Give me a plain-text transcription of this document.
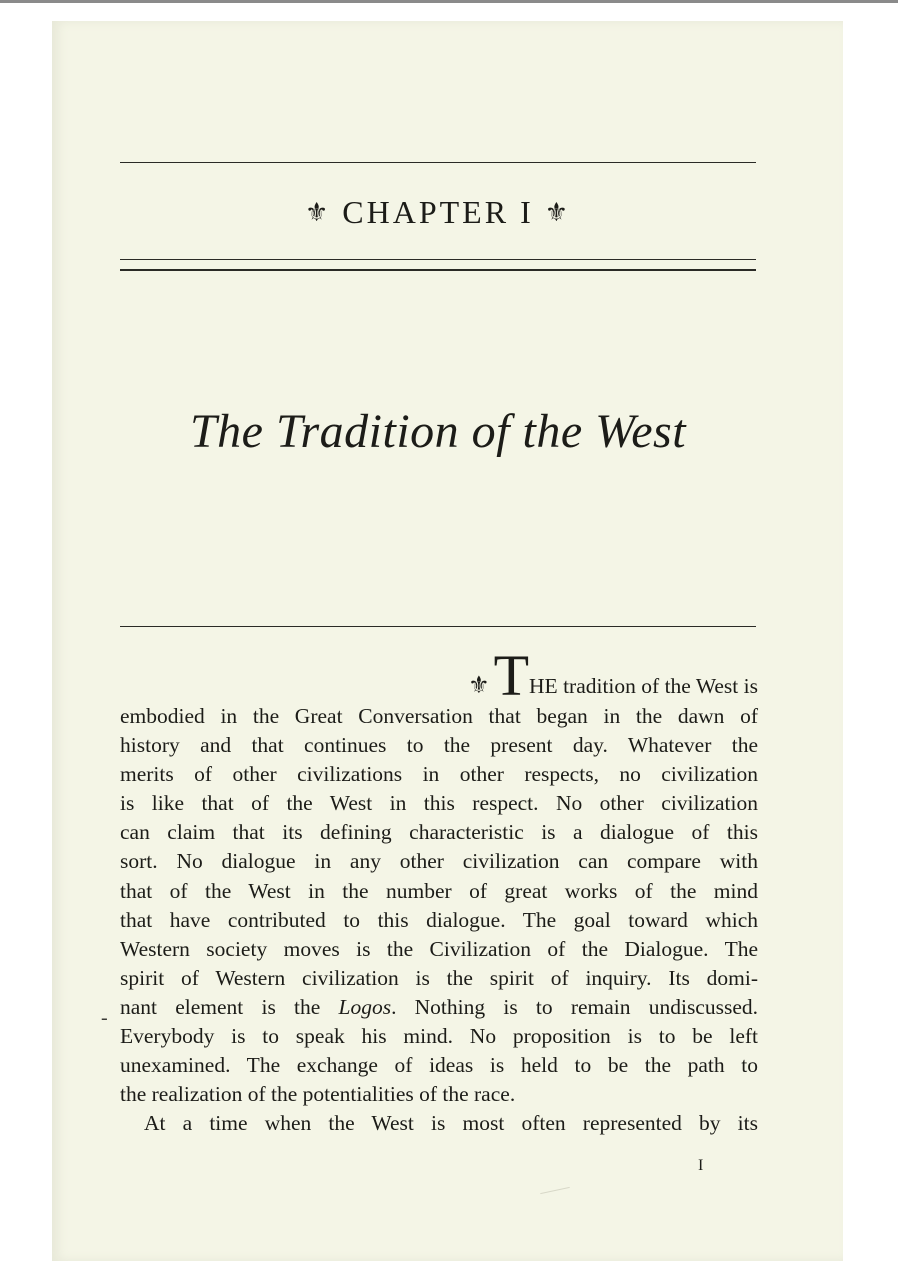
⚜ CHAPTER I ⚜
The Tradition of the West
⚜THE tradition of the West is
embodied in the Great Conversation that began in the dawn of
history and that continues to the present day. Whatever the
merits of other civilizations in other respects, no civilization
is like that of the West in this respect. No other civilization
can claim that its defining characteristic is a dialogue of this
sort. No dialogue in any other civilization can compare with
that of the West in the number of great works of the mind
that have contributed to this dialogue. The goal toward which
Western society moves is the Civilization of the Dialogue. The
spirit of Western civilization is the spirit of inquiry. Its domi-
nant element is the Logos. Nothing is to remain undiscussed.
Everybody is to speak his mind. No proposition is to be left
unexamined. The exchange of ideas is held to be the path to
the realization of the potentialities of the race.
At a time when the West is most often represented by its
-
I
